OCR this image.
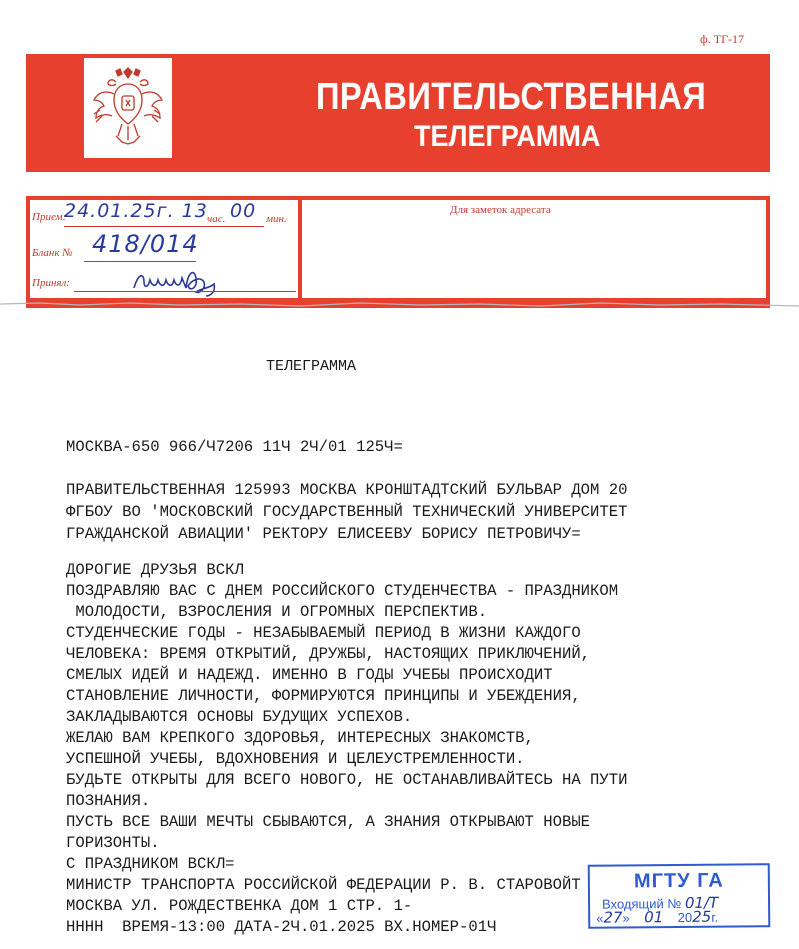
ф. ТГ-17
ПРАВИТЕЛЬСТВЕННАЯ
ТЕЛЕГРАММА
Прием:
24.01.25г. 13 час. 00 мин.
Бланк № 418/014
Принял:
Для заметок адресата
ТЕЛЕГРАММА
МОСКВА-650 966/Ч7206 11Ч 2Ч/01 125Ч=
ПРАВИТЕЛЬСТВЕННАЯ 125993 МОСКВА КРОНШТАДТСКИЙ БУЛЬВАР ДОМ 20
ФГБОУ ВО 'МОСКОВСКИЙ ГОСУДАРСТВЕННЫЙ ТЕХНИЧЕСКИЙ УНИВЕРСИТЕТ
ГРАЖДАНСКОЙ АВИАЦИИ' РЕКТОРУ ЕЛИСЕЕВУ БОРИСУ ПЕТРОВИЧУ=
ДОРОГИЕ ДРУЗЬЯ ВСКЛ
ПОЗДРАВЛЯЮ ВАС С ДНЕМ РОССИЙСКОГО СТУДЕНЧЕСТВА - ПРАЗДНИКОМ
МОЛОДОСТИ, ВЗРОСЛЕНИЯ И ОГРОМНЫХ ПЕРСПЕКТИВ.
СТУДЕНЧЕСКИЕ ГОДЫ - НЕЗАБЫВАЕМЫЙ ПЕРИОД В ЖИЗНИ КАЖДОГО
ЧЕЛОВЕКА: ВРЕМЯ ОТКРЫТИЙ, ДРУЖБЫ, НАСТОЯЩИХ ПРИКЛЮЧЕНИЙ,
СМЕЛЫХ ИДЕЙ И НАДЕЖД. ИМЕННО В ГОДЫ УЧЕБЫ ПРОИСХОДИТ
СТАНОВЛЕНИЕ ЛИЧНОСТИ, ФОРМИРУЮТСЯ ПРИНЦИПЫ И УБЕЖДЕНИЯ,
ЗАКЛАДЫВАЮТСЯ ОСНОВЫ БУДУЩИХ УСПЕХОВ.
ЖЕЛАЮ ВАМ КРЕПКОГО ЗДОРОВЬЯ, ИНТЕРЕСНЫХ ЗНАКОМСТВ,
УСПЕШНОЙ УЧЕБЫ, ВДОХНОВЕНИЯ И ЦЕЛЕУСТРЕМЛЕННОСТИ.
БУДЬТЕ ОТКРЫТЫ ДЛЯ ВСЕГО НОВОГО, НЕ ОСТАНАВЛИВАЙТЕСЬ НА ПУТИ
ПОЗНАНИЯ.
ПУСТЬ ВСЕ ВАШИ МЕЧТЫ СБЫВАЮТСЯ, А ЗНАНИЯ ОТКРЫВАЮТ НОВЫЕ
ГОРИЗОНТЫ.
С ПРАЗДНИКОМ ВСКЛ=
МИНИСТР ТРАНСПОРТА РОССИЙСКОЙ ФЕДЕРАЦИИ Р. В. СТАРОВОЙТ
МОСКВА УЛ. РОЖДЕСТВЕНКА ДОМ 1 СТР. 1-
НННН  ВРЕМЯ-13:00 ДАТА-2Ч.01.2025 ВХ.НОМЕР-01Ч
МГТУ ГА
Входящий № 01/Т
«27» 01 2025г.
